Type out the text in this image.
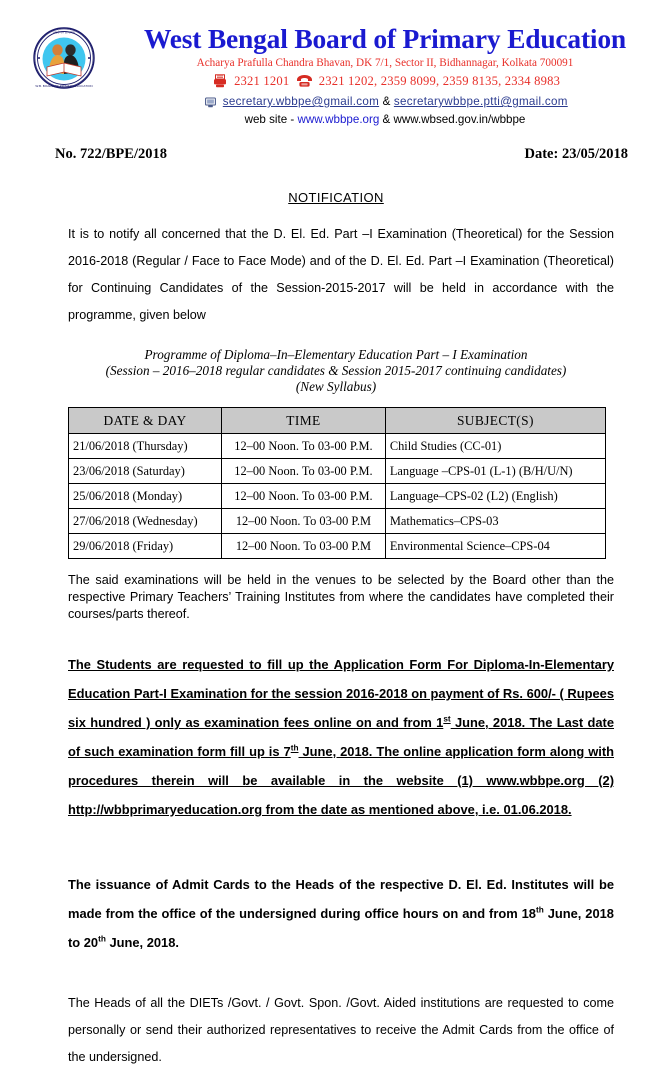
পশ্চট বঙ্গ প্রাথমিক
W.B. BOARD OF PRIMARY EDUCATION
West Bengal Board of Primary Education
Acharya Prafulla Chandra Bhavan, DK 7/1, Sector II, Bidhannagar, Kolkata 700091
2321 1201 2321 1202, 2359 8099, 2359 8135, 2334 8983
secretary.wbbpe@gmail.com & secretarywbbpe.ptti@gmail.com
web site - www.wbbpe.org & www.wbsed.gov.in/wbbpe
No. 722/BPE/2018	Date: 23/05/2018
NOTIFICATION

It is to notify all concerned that the D. El. Ed. Part –I Examination (Theoretical) for the Session 2016-2018 (Regular / Face to Face Mode) and of the D. El. Ed. Part –I Examination (Theoretical) for Continuing Candidates of the Session-2015-2017 will be held in accordance with the programme, given below

Programme of Diploma–In–Elementary Education Part – I Examination
(Session – 2016–2018 regular candidates & Session 2015-2017 continuing candidates)
(New Syllabus)
DATE & DAY	TIME	SUBJECT(S)
21/06/2018 (Thursday)	12–00 Noon. To 03-00 P.M.	Child Studies (CC-01)
23/06/2018 (Saturday)	12–00 Noon. To 03-00 P.M.	Language –CPS-01 (L-1) (B/H/U/N)
25/06/2018 (Monday)	12–00 Noon. To 03-00 P.M.	Language–CPS-02 (L2) (English)
27/06/2018 (Wednesday)	12–00 Noon. To 03-00 P.M	Mathematics–CPS-03
29/06/2018 (Friday)	12–00 Noon. To 03-00 P.M	Environmental Science–CPS-04

The said examinations will be held in the venues to be selected by the Board other than the respective Primary Teachers’ Training Institutes from where the candidates have completed their courses/parts thereof.

The Students are requested to fill up the Application Form For Diploma-In-Elementary Education Part-I Examination for the session 2016-2018 on payment of Rs. 600/- ( Rupees six hundred ) only as examination fees online on and from 1st June, 2018. The Last date of such examination form fill up is 7th June, 2018. The online application form along with procedures therein will be available in the website (1) www.wbbpe.org (2) http://wbbprimaryeducation.org from the date as mentioned above, i.e. 01.06.2018.

The issuance of Admit Cards to the Heads of the respective D. El. Ed. Institutes will be made from the office of the undersigned during office hours on and from 18th June, 2018 to 20th June, 2018.

The Heads of all the DIETs /Govt. / Govt. Spon. /Govt. Aided institutions are requested to come personally or send their authorized representatives to receive the Admit Cards from the office of the undersigned.
